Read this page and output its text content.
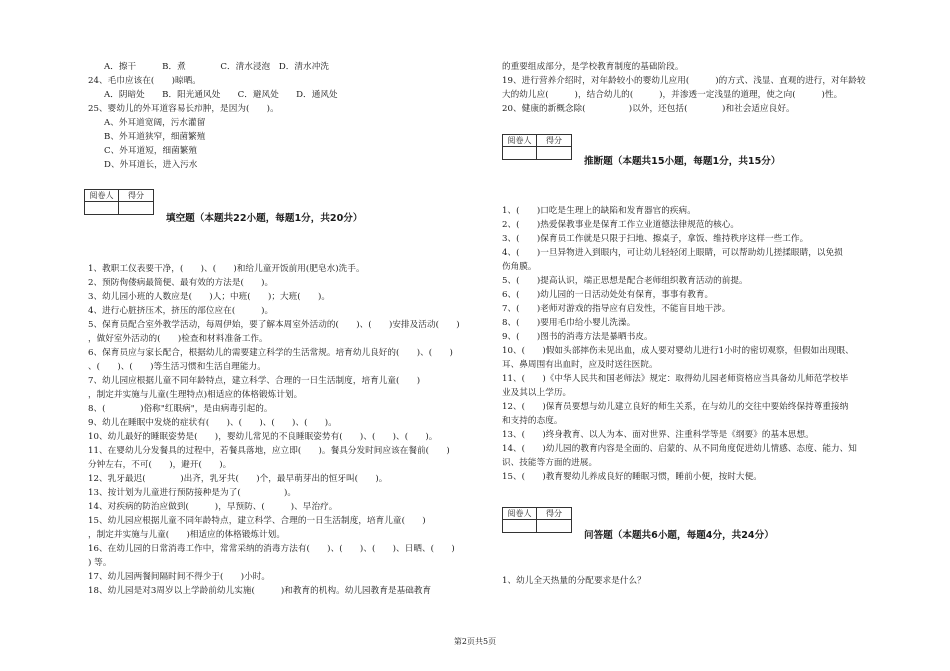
A．擦干　　　B．煮　　　　C．清水浸泡　D．清水冲洗
24、毛巾应该在(　　)晾晒。
A．阴暗处　　B．阳光通风处　　C．避风处　　D．通风处
25、婴幼儿的外耳道容易长疖肿，是因为(　　)。
A、外耳道宽阔，污水灌留
B、外耳道狭窄，细菌繁殖
C、外耳道短，细菌繁殖
D、外耳道长，进入污水
1、教职工仪表要干净，(　　)、(　　)和给儿童开饭前用(肥皂水)洗手。
2、预防佝偻病最简便、最有效的方法是(　　)。
3、幼儿园小班的人数应是(　　)人；中班(　　)；大班(　　)。
4、进行心脏挤压术，挤压的部位应在(　　　)。
5、保育员配合室外教学活动，每周伊始，要了解本周室外活动的(　　)、(　　)安排及活动(　　)
，做好室外活动的(　　)检查和材料准备工作。
6、保育员应与家长配合，根据幼儿的需要建立科学的生活常规。培育幼儿良好的(　　)、(　　)
、(　　)、(　　)等生活习惯和生活自理能力。
7、幼儿园应根据儿童不同年龄特点，建立科学、合理的一日生活制度，培育儿童(　　)
，制定并实施与儿童(生理特点)相适应的体格锻炼计划。
8、(　　　　)俗称"红眼病"，是由病毒引起的。
9、幼儿在睡眠中发烧的症状有(　　)、(　　)、(　　)、(　　)。
10、幼儿最好的睡眠姿势是(　　)，婴幼儿常见的不良睡眠姿势有(　　)、(　　)、(　　)。
11、在婴幼儿分发餐具的过程中，若餐具落地，应立即(　　)。餐具分发时间应该在餐前(　　)
分钟左右，不可(　　)，避开(　　)。
12、乳牙最迟(　　　　)出齐，乳牙共(　　)个，最早萌芽出的恒牙叫(　　)。
13、按计划为儿童进行预防接种是为了(　　　　　)。
14、对疾病的防治应做到(　　　)，早预防、(　　　)、早治疗。
15、幼儿园应根据儿童不同年龄特点，建立科学、合理的一日生活制度，培育儿童(　　)
，制定并实施与儿童(　　)相适应的体格锻炼计划。
16、在幼儿园的日常消毒工作中，常常采纳的消毒方法有(　　)、(　　)、(　　)、日晒、(　　)
) 等。
17、幼儿园两餐间隔时间不得少于(　　)小时。
18、幼儿园是对3周岁以上学龄前幼儿实施(　　　)和教育的机构。幼儿园教育是基础教育
阅卷人	得分
填空题（本题共22小题，每题1分，共20分）
的重要组成部分，是学校教育制度的基础阶段。
19、进行营养介绍时，对年龄较小的婴幼儿应用(　　　)的方式、浅显、直观的进行，对年龄较
大的幼儿应(　　　)，结合幼儿的(　　　)，并渗透一定浅显的道理，使之向(　　　)性。
20、健康的新概念除(　　　　　)以外，还包括(　　　　)和社会适应良好。
1、(　　)口吃是生理上的缺陷和发育器官的疾病。
2、(　　)热爱保教事业是保育工作立业道德法律规范的核心。
3、(　　)保育员工作就是只限于扫地、擦桌子，拿饭、维持秩序这样一些工作。
4、(　　)一旦异物进入到眼内，可让幼儿轻轻闭上眼睛，可以帮助幼儿搓揉眼睛，以免损
伤角膜。
5、(　　)提高认识，端正思想是配合老师组织教育活动的前提。
6、(　　)幼儿园的一日活动处处有保育，事事有教育。
7、(　　)老师对游戏的指导应有启发性，不能盲目地干涉。
8、(　　)要用毛巾给小婴儿洗澡。
9、(　　)图书的消毒方法是暴晒书皮。
10、(　　)假如头部摔伤未见出血，成人要对婴幼儿进行1小时的密切观察，但假如出现眼、
耳、鼻周围有出血时，应及时送往医院。
11、(　　)《中华人民共和国老师法》规定：取得幼儿园老师资格应当具备幼儿师范学校毕
业及其以上学历。
12、(　　)保育员要想与幼儿建立良好的师生关系，在与幼儿的交往中要始终保持尊重接纳
和支持的态度。
13、(　　)终身教育、以人为本、面对世界、注重科学等是《纲要》的基本思想。
14、(　　)幼儿园的教育内容是全面的、启蒙的、从不同角度促进幼儿情感、态度、能力、知
识、技能等方面的进展。
15、(　　)教育婴幼儿养成良好的睡眠习惯，睡前小便，按时大便。
1、幼儿全天热量的分配要求是什么？
阅卷人	得分
推断题（本题共15小题，每题1分，共15分）
阅卷人	得分
问答题（本题共6小题，每题4分，共24分）
第2页共5页
